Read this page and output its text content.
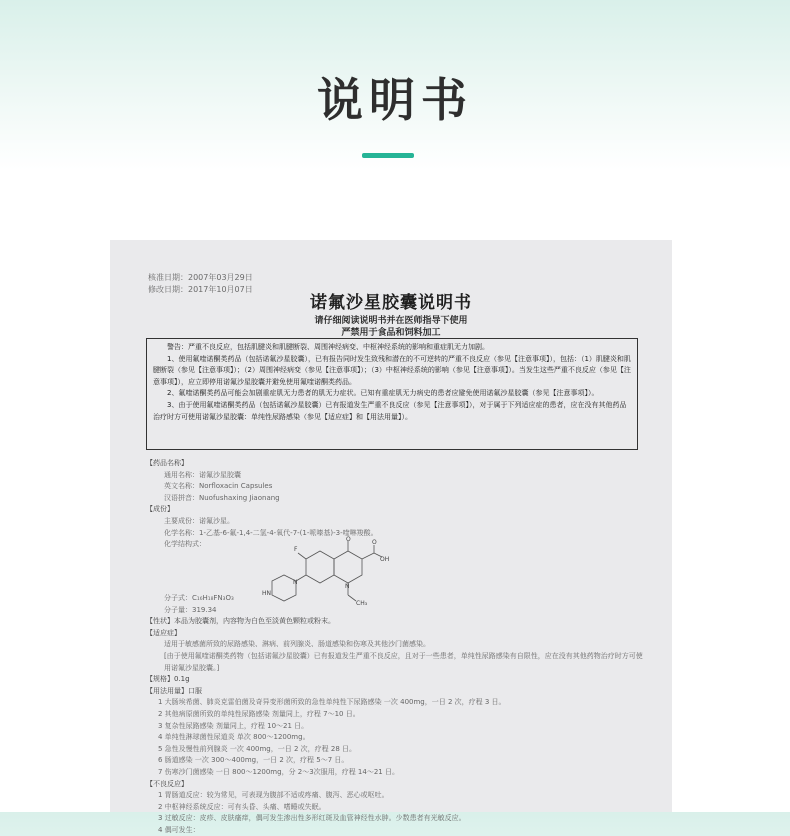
说明书
核准日期：2007年03月29日
修改日期：2017年10月07日
诺氟沙星胶囊说明书
请仔细阅读说明书并在医师指导下使用
严禁用于食品和饲料加工

警告：严重不良反应，包括肌腱炎和肌腱断裂、周围神经病变、中枢神经系统的影响和重症肌无力加剧。

1、使用氟喹诺酮类药品（包括诺氟沙星胶囊），已有报告同时发生致残和潜在的不可逆转的严重不良反应（参见【注意事项】），包括：（1）肌腱炎和肌腱断裂（参见【注意事项】）；（2）周围神经病变（参见【注意事项】）；（3）中枢神经系统的影响（参见【注意事项】）。当发生这些严重不良反应（参见【注意事项】），应立即停用诺氟沙星胶囊并避免使用氟喹诺酮类药品。

2、氟喹诺酮类药品可能会加剧重症肌无力患者的肌无力症状。已知有重症肌无力病史的患者应避免使用诺氟沙星胶囊（参见【注意事项】）。

3、由于使用氟喹诺酮类药品（包括诺氟沙星胶囊）已有报道发生严重不良反应（参见【注意事项】），对于属于下列适应症的患者，应在没有其他药品治疗时方可使用诺氟沙星胶囊：单纯性尿路感染（参见【适应症】和【用法用量】）。

【药品名称】
通用名称：诺氟沙星胶囊
英文名称：Norfloxacin Capsules
汉语拼音：Nuofushaxing Jiaonang
【成份】
主要成份：诺氟沙星。
化学名称：1-乙基-6-氟-1,4-二氢-4-氧代-7-(1-哌嗪基)-3-喹啉羧酸。
化学结构式：
F
O	O
OH
N
N
HN
CH₃
分子式：C₁₆H₁₈FN₃O₃
分子量：319.34
【性状】本品为胶囊剂，内容物为白色至淡黄色颗粒或粉末。
【适应症】
适用于敏感菌所致的尿路感染、淋病、前列腺炎、肠道感染和伤寒及其他沙门菌感染。
[由于使用氟喹诺酮类药物（包括诺氟沙星胶囊）已有报道发生严重不良反应，且对于一些患者，单纯性尿路感染有自限性，应在没有其他药物治疗时方可使用诺氟沙星胶囊。]
【规格】0.1g
【用法用量】口服
1 大肠埃希菌、肺炎克雷伯菌及奇异变形菌所致的急性单纯性下尿路感染 一次 400mg，一日 2 次，疗程 3 日。
2 其他病原菌所致的单纯性尿路感染 剂量同上，疗程 7～10 日。
3 复杂性尿路感染 剂量同上，疗程 10～21 日。
4 单纯性淋球菌性尿道炎 单次 800～1200mg。
5 急性及慢性前列腺炎 一次 400mg，一日 2 次，疗程 28 日。
6 肠道感染 一次 300～400mg，一日 2 次，疗程 5～7 日。
7 伤寒沙门菌感染 一日 800～1200mg，分 2～3次服用，疗程 14～21 日。
【不良反应】
1 胃肠道反应：较为常见，可表现为腹部不适或疼痛、腹泻、恶心或呕吐。
2 中枢神经系统反应：可有头昏、头痛、嗜睡或失眠。
3 过敏反应：皮疹、皮肤瘙痒，偶可发生渗出性多形红斑及血管神经性水肿。少数患者有光敏反应。
4 偶可发生：
